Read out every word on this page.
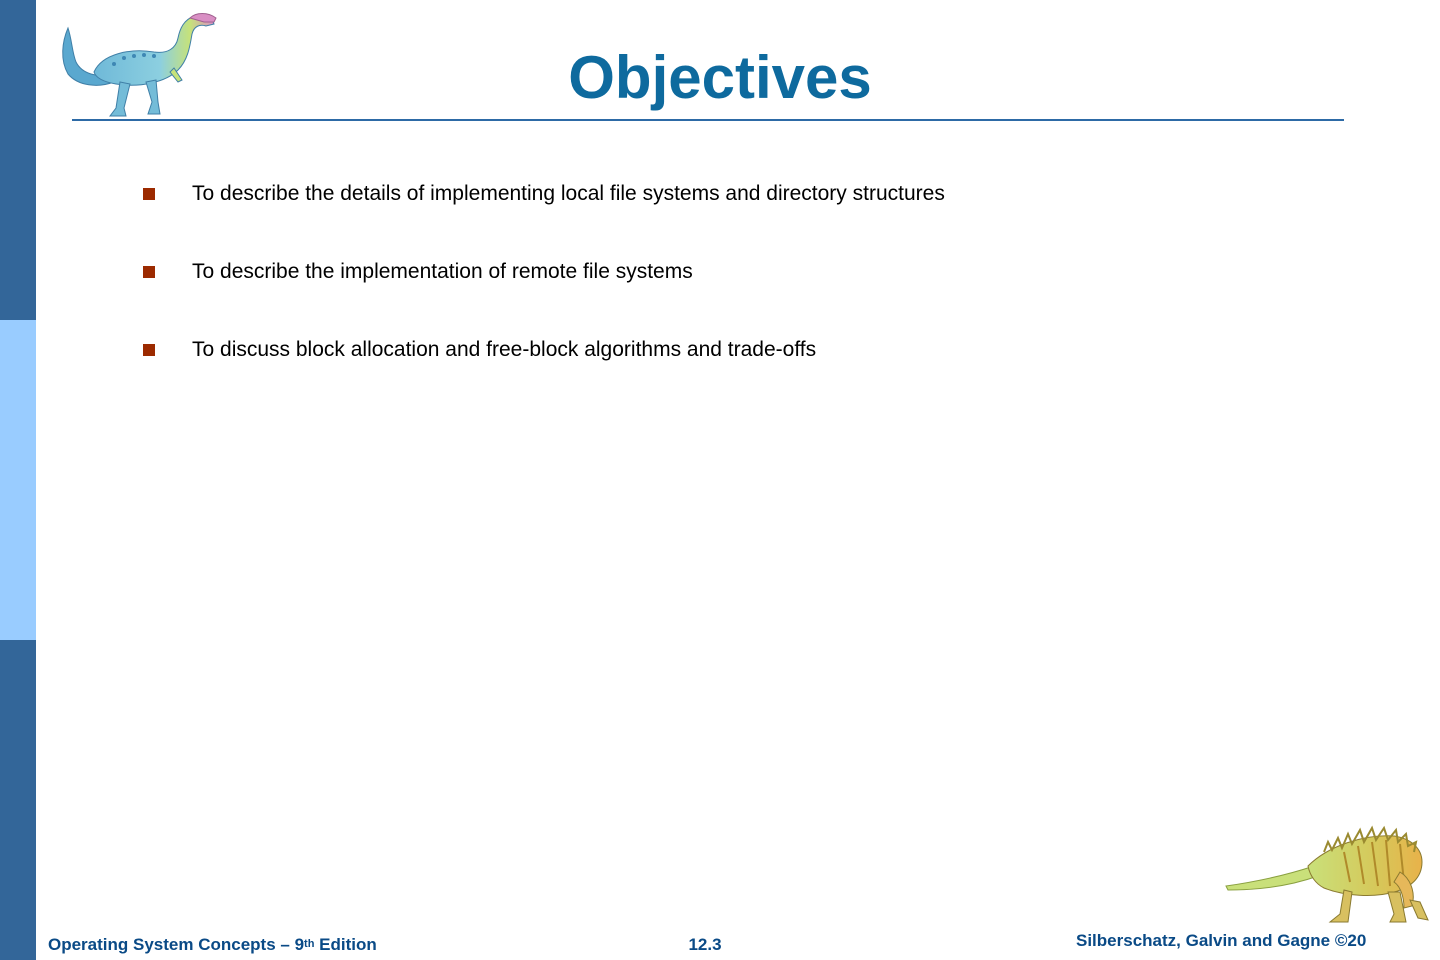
Objectives
To describe the details of implementing local file systems and directory structures
To describe the implementation of remote file systems
To discuss block allocation and free-block algorithms and trade-offs
Operating System Concepts – 9th Edition	12.3	Silberschatz, Galvin and Gagne ©20
